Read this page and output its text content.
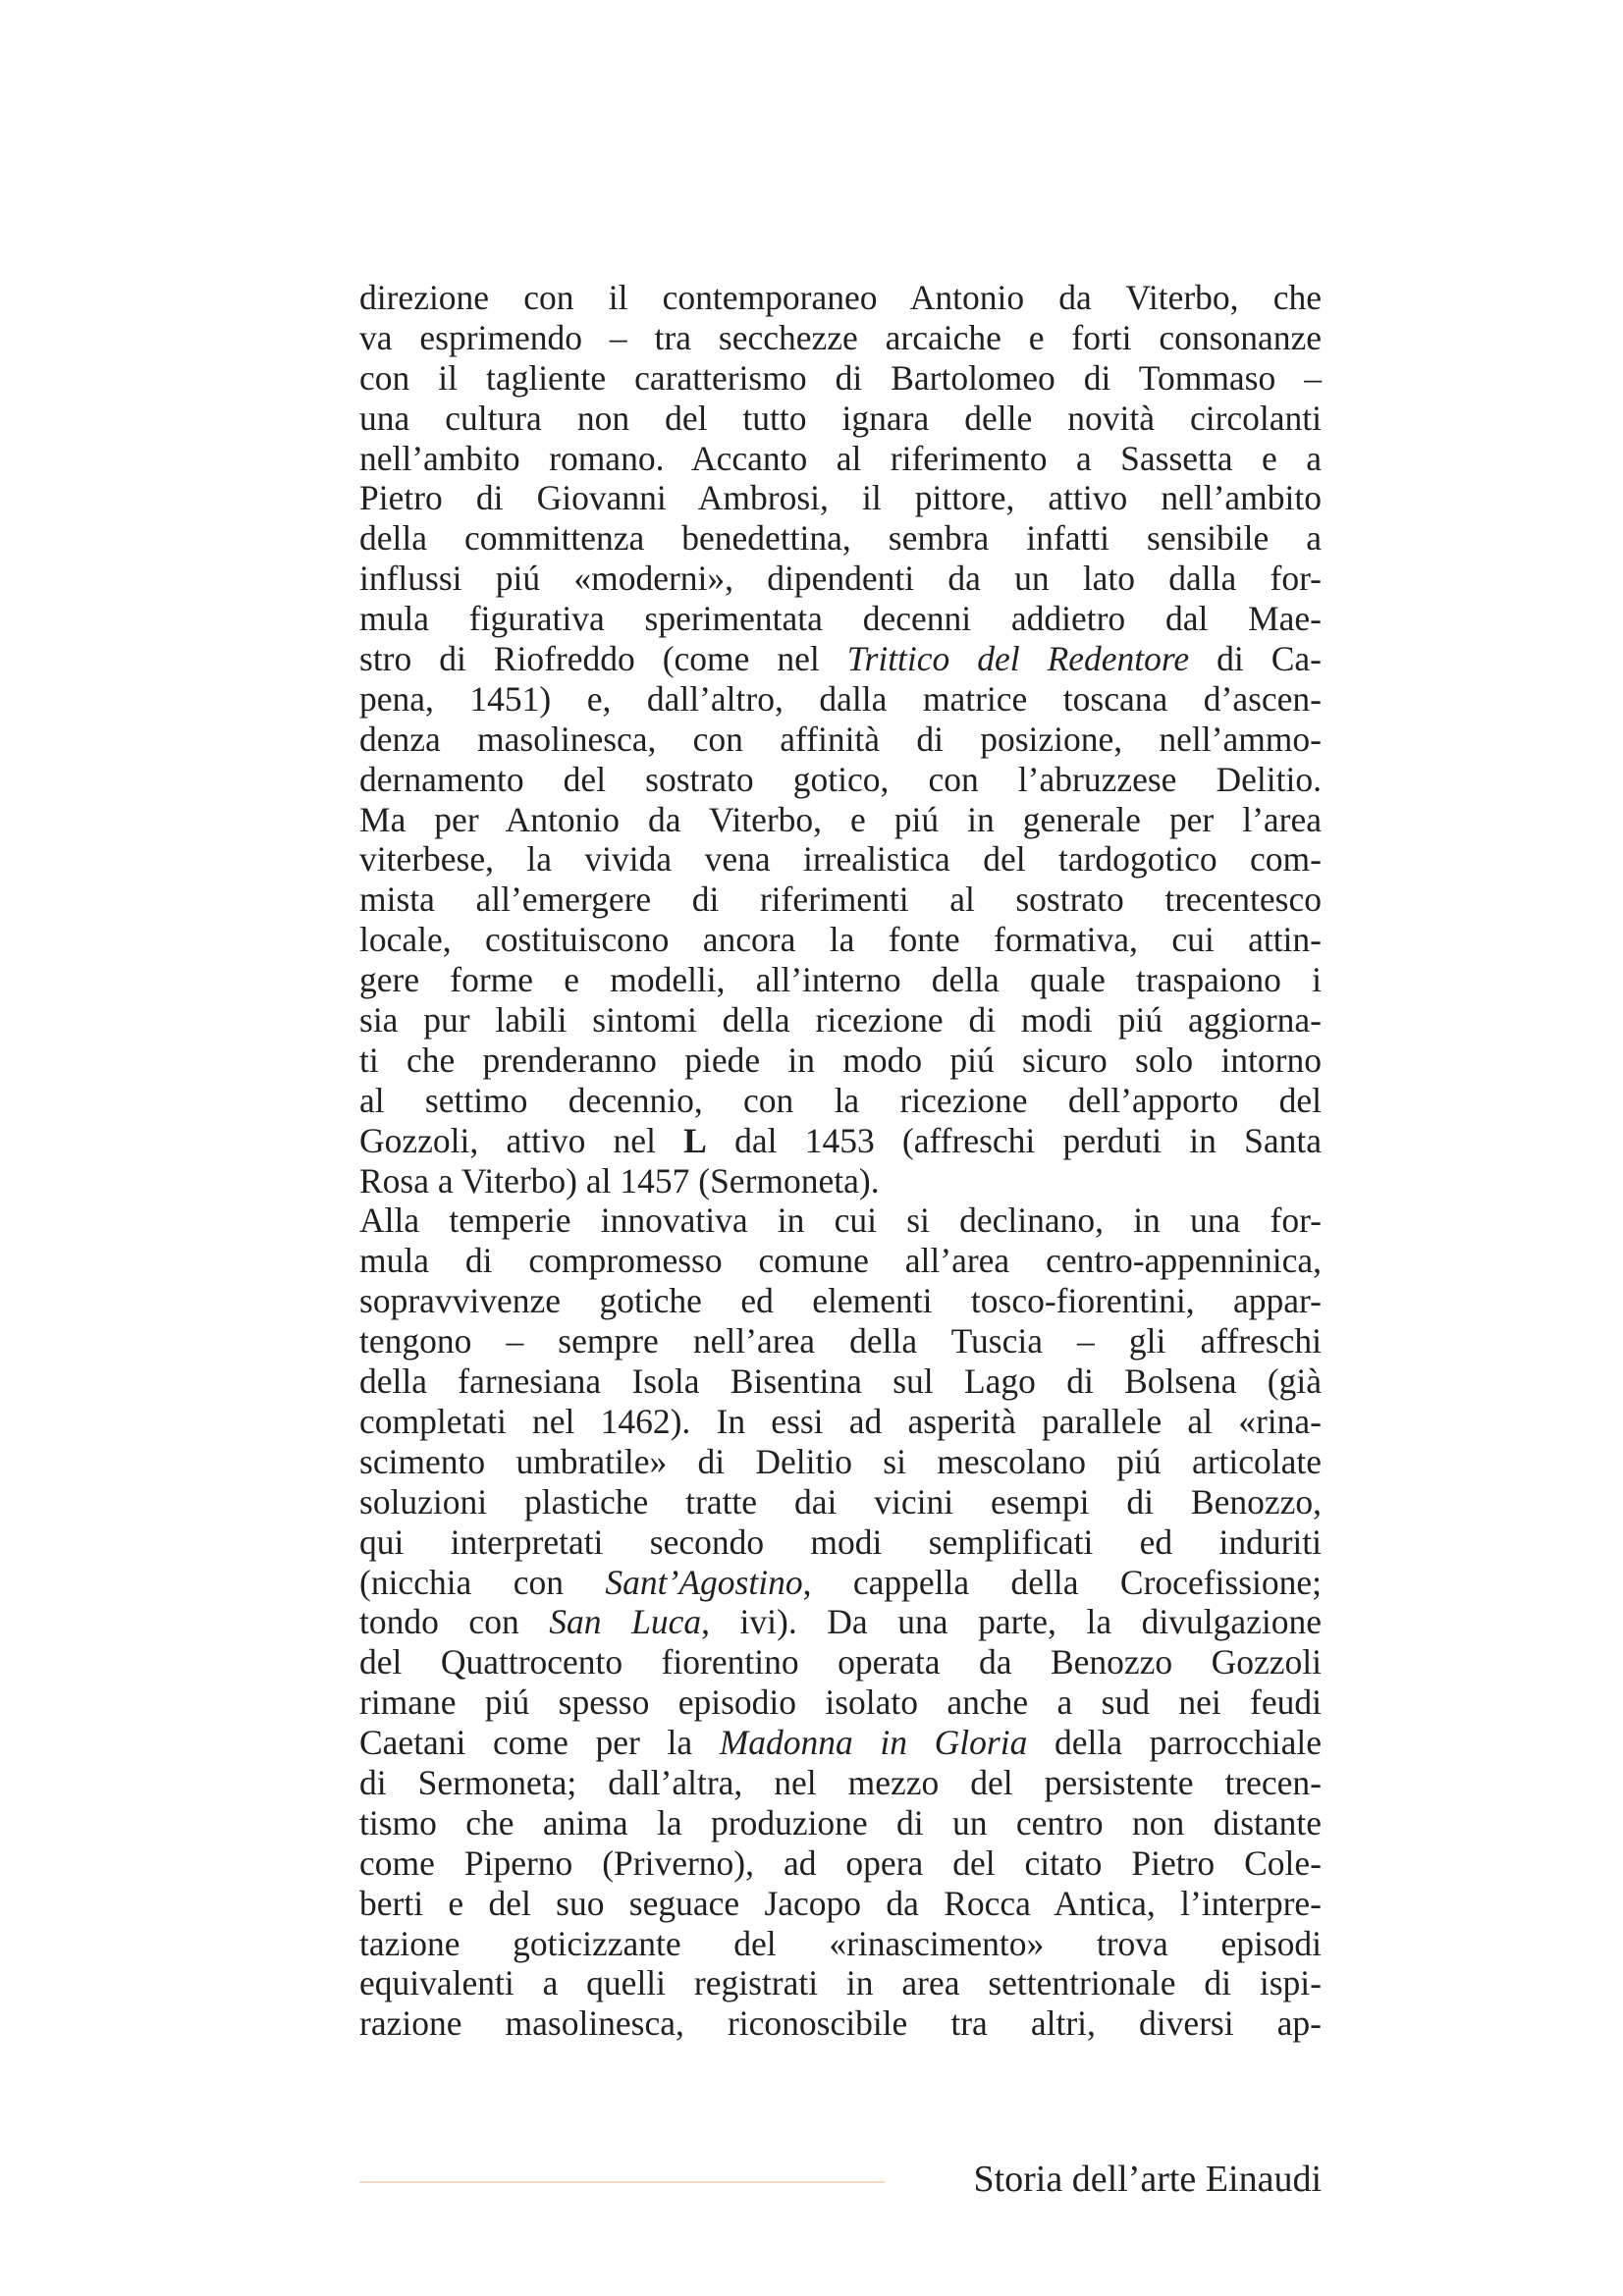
direzione con il contemporaneo Antonio da Viterbo, che
va esprimendo – tra secchezze arcaiche e forti consonanze
con il tagliente caratterismo di Bartolomeo di Tommaso –
una cultura non del tutto ignara delle novità circolanti
nell’ambito romano. Accanto al riferimento a Sassetta e a
Pietro di Giovanni Ambrosi, il pittore, attivo nell’ambito
della committenza benedettina, sembra infatti sensibile a
influssi piú «moderni», dipendenti da un lato dalla for-
mula figurativa sperimentata decenni addietro dal Mae-
stro di Riofreddo (come nel Trittico del Redentore di Ca-
pena, 1451) e, dall’altro, dalla matrice toscana d’ascen-
denza masolinesca, con affinità di posizione, nell’ammo-
dernamento del sostrato gotico, con l’abruzzese Delitio.
Ma per Antonio da Viterbo, e piú in generale per l’area
viterbese, la vivida vena irrealistica del tardogotico com-
mista all’emergere di riferimenti al sostrato trecentesco
locale, costituiscono ancora la fonte formativa, cui attin-
gere forme e modelli, all’interno della quale traspaiono i
sia pur labili sintomi della ricezione di modi piú aggiorna-
ti che prenderanno piede in modo piú sicuro solo intorno
al settimo decennio, con la ricezione dell’apporto del
Gozzoli, attivo nel L dal 1453 (affreschi perduti in Santa
Rosa a Viterbo) al 1457 (Sermoneta).
Alla temperie innovativa in cui si declinano, in una for-
mula di compromesso comune all’area centro-appenninica,
sopravvivenze gotiche ed elementi tosco-fiorentini, appar-
tengono – sempre nell’area della Tuscia – gli affreschi
della farnesiana Isola Bisentina sul Lago di Bolsena (già
completati nel 1462). In essi ad asperità parallele al «rina-
scimento umbratile» di Delitio si mescolano piú articolate
soluzioni plastiche tratte dai vicini esempi di Benozzo,
qui interpretati secondo modi semplificati ed induriti
(nicchia con Sant’Agostino, cappella della Crocefissione;
tondo con San Luca, ivi). Da una parte, la divulgazione
del Quattrocento fiorentino operata da Benozzo Gozzoli
rimane piú spesso episodio isolato anche a sud nei feudi
Caetani come per la Madonna in Gloria della parrocchiale
di Sermoneta; dall’altra, nel mezzo del persistente trecen-
tismo che anima la produzione di un centro non distante
come Piperno (Priverno), ad opera del citato Pietro Cole-
berti e del suo seguace Jacopo da Rocca Antica, l’interpre-
tazione goticizzante del «rinascimento» trova episodi
equivalenti a quelli registrati in area settentrionale di ispi-
razione masolinesca, riconoscibile tra altri, diversi ap-
Storia dell’arte Einaudi
